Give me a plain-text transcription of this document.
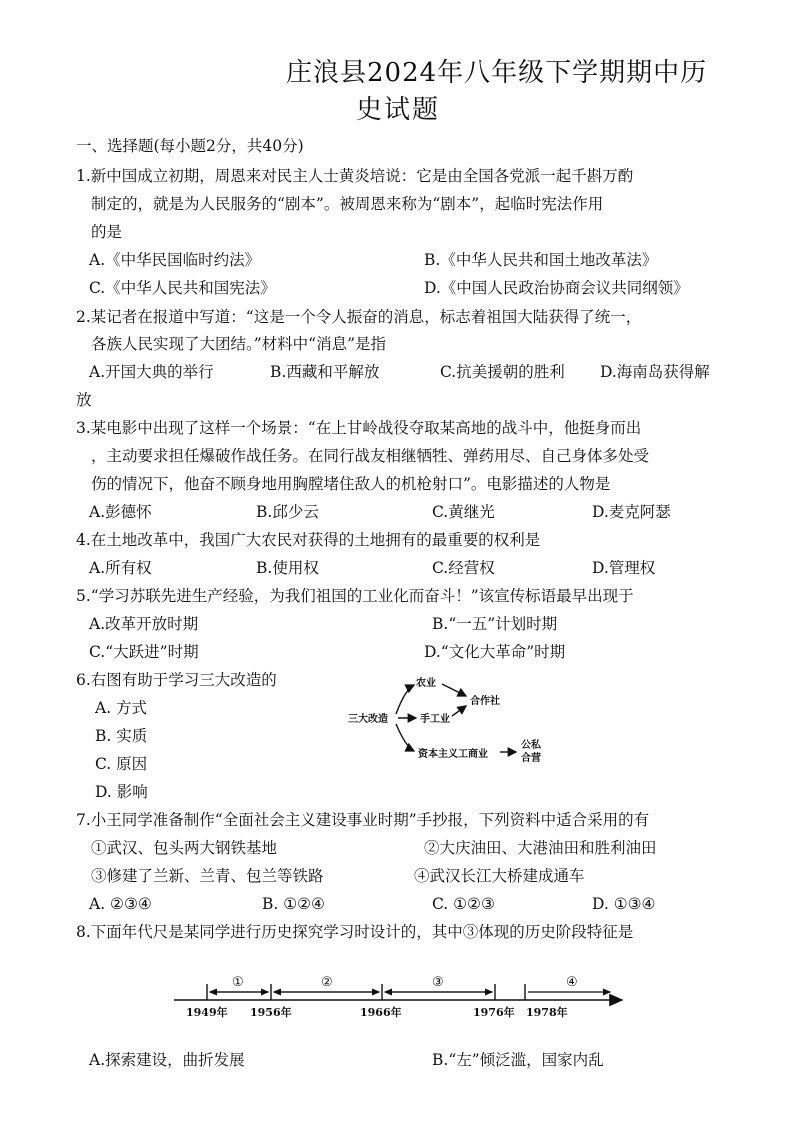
庄浪县2024年八年级下学期期中历
史试题
一、选择题(每小题2分，共40分)
1.新中国成立初期，周恩来对民主人士黄炎培说：它是由全国各党派一起千斟万酌
制定的，就是为人民服务的“剧本”。被周恩来称为“剧本”，起临时宪法作用
的是
A.《中华民国临时约法》	B.《中华人民共和国土地改革法》
C.《中华人民共和国宪法》	D.《中国人民政治协商会议共同纲领》
2.某记者在报道中写道：“这是一个令人振奋的消息，标志着祖国大陆获得了统一，
各族人民实现了大团结。”材料中“消息”是指
A.开国大典的举行	B.西藏和平解放	C.抗美援朝的胜利 D.海南岛获得解
放
3.某电影中出现了这样一个场景：“在上甘岭战役夺取某高地的战斗中，他挺身而出
，主动要求担任爆破作战任务。在同行战友相继牺牲、弹药用尽、自己身体多处受
伤的情况下，他奋不顾身地用胸膛堵住敌人的机枪射口”。电影描述的人物是
A.彭德怀	B.邱少云	C.黄继光	D.麦克阿瑟
4.在土地改革中，我国广大农民对获得的土地拥有的最重要的权利是
A.所有权	B.使用权	C.经营权	D.管理权
5.“学习苏联先进生产经验，为我们祖国的工业化而奋斗！”该宣传标语最早出现于
A.改革开放时期	B.“一五”计划时期
C.“大跃进”时期	D.“文化大革命”时期
6.右图有助于学习三大改造的
A. 方式
B. 实质
C. 原因
D. 影响
三大改造
农业
手工业
资本主义工商业
合作社
公私
合营
7.小王同学准备制作“全面社会主义建设事业时期”手抄报，下列资料中适合采用的有
①武汉、包头两大钢铁基地	②大庆油田、大港油田和胜利油田
③修建了兰新、兰青、包兰等铁路	④武汉长江大桥建成通车
A. ②③④	B. ①②④	C. ①②③	D. ①③④
8.下面年代尺是某同学进行历史探究学习时设计的，其中③体现的历史阶段特征是
①	②	③	④
1949年 1956年	1966年	1976年 1978年
A.探索建设，曲折发展	B.“左”倾泛滥，国家内乱
